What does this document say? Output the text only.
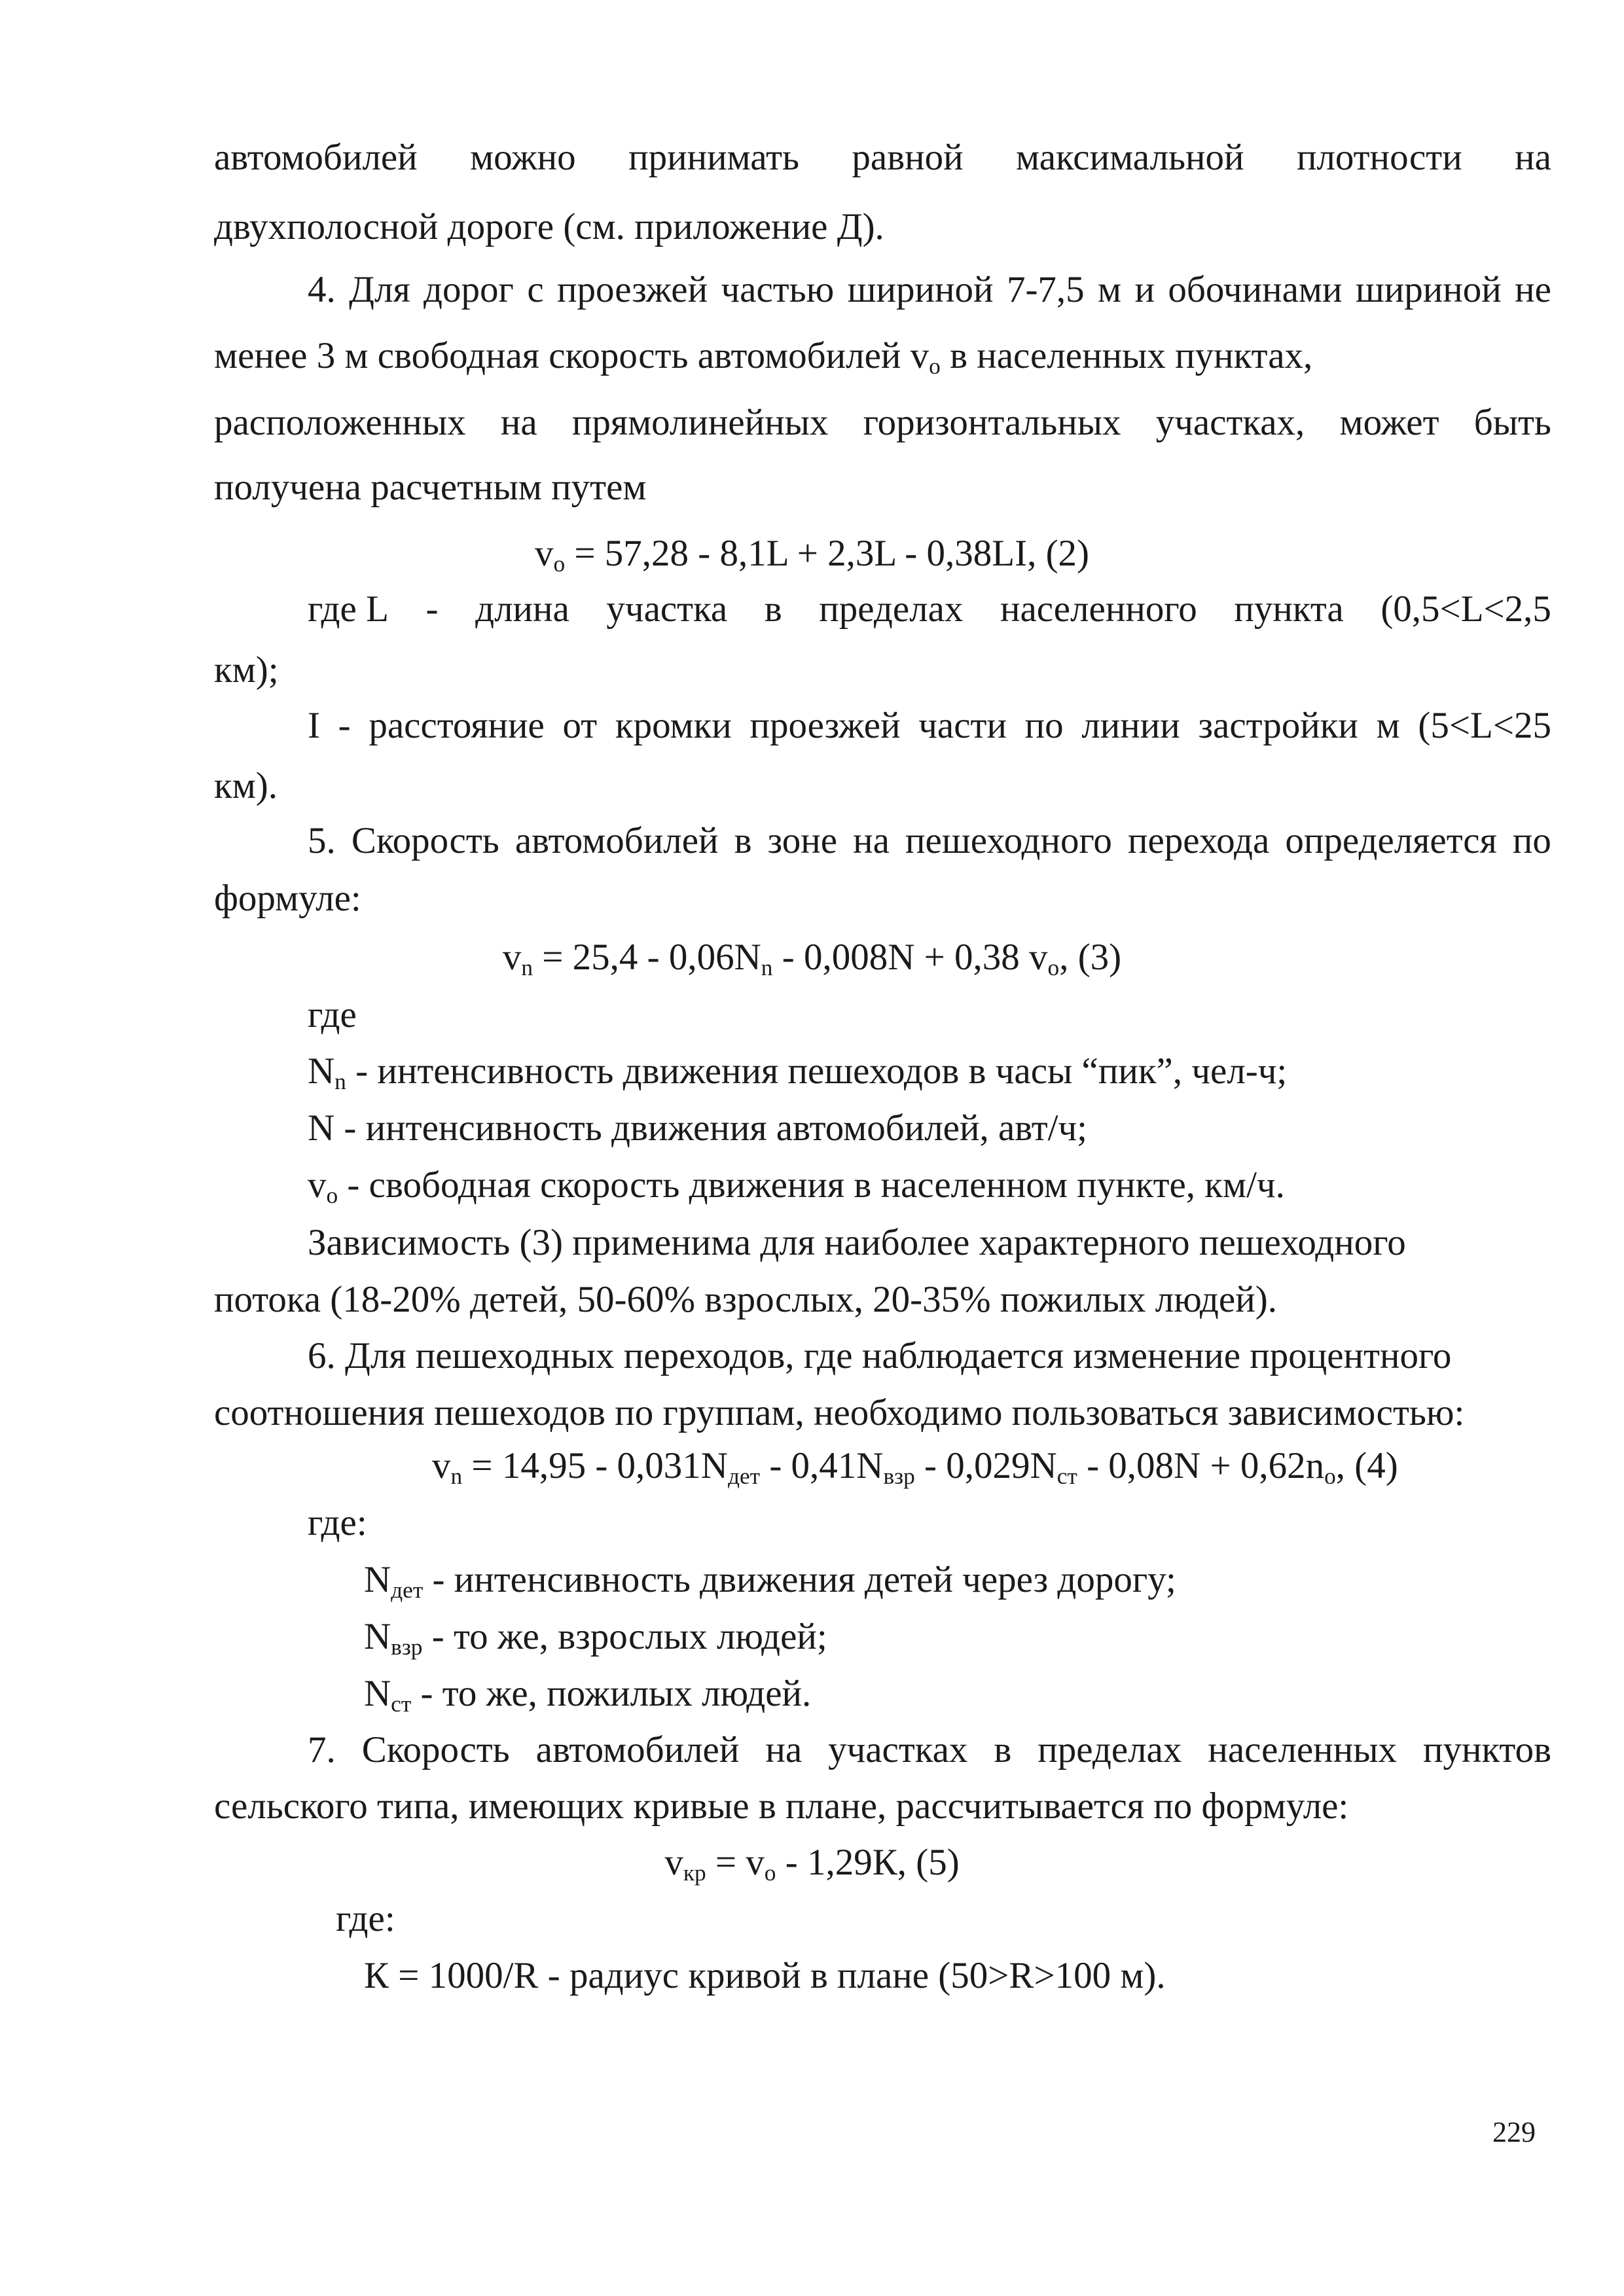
автомобилей можно принимать равной максимальной плотности на
двухполосной дороге (см. приложение Д).
4. Для дорог с проезжей частью шириной 7-7,5 м и обочинами шириной не
менее 3 м свободная скорость автомобилей $v_o$ в населенных пунктах,
расположенных на прямолинейных горизонтальных участках, может быть
получена расчетным путем
$v_o = 57,28 - 8,1L + 2,3L - 0,38LI$, (2)
где L - длина участка в пределах населенного пункта (0,5<L<2,5
км);
I - расстояние от кромки проезжей части по линии застройки м (5<L<25
км).
5. Скорость автомобилей в зоне на пешеходного перехода определяется по
формуле:
$v_n = 25,4 - 0,06N_n - 0,008N + 0,38$ $v_o$, (3)
где
$N_n$ - интенсивность движения пешеходов в часы “пик”, чел-ч;
N - интенсивность движения автомобилей, авт/ч;
$v_o$ - свободная скорость движения в населенном пункте, км/ч.
Зависимость (3) применима для наиболее характерного пешеходного
потока (18-20% детей, 50-60% взрослых, 20-35% пожилых людей).
6. Для пешеходных переходов, где наблюдается изменение процентного
соотношения пешеходов по группам, необходимо пользоваться зависимостью:
$v_n = 14,95 - 0,031N_{дет} - 0,41N_{взр} - 0,029N_{ст} - 0,08N + 0,62n_o$, (4)
где:
$N_{дет}$ - интенсивность движения детей через дорогу;
$N_{взр}$ - то же, взрослых людей;
$N_{ст}$ - то же, пожилых людей.
7. Скорость автомобилей на участках в пределах населенных пунктов
сельского типа, имеющих кривые в плане, рассчитывается по формуле:
$v_{кр} = v_o - 1,29К$, (5)
где:
К = 1000/R - радиус кривой в плане (50>R>100 м).
229
